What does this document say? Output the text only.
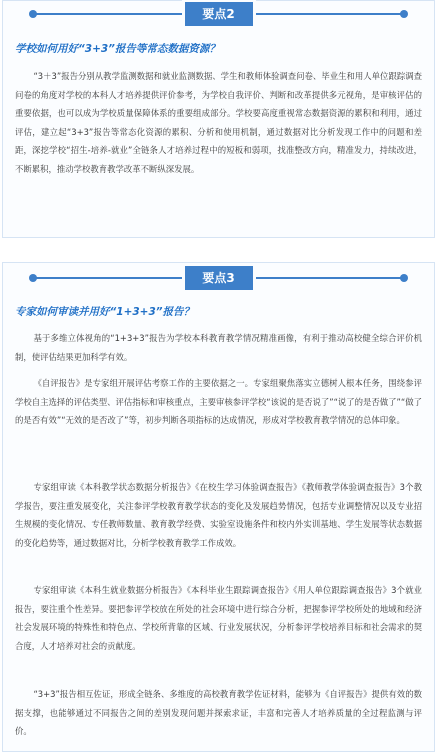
要点2
学校如何用好“3+3”报告等常态数据资源？

“3＋3”报告分别从教学监测数据和就业监测数据、学生和教师体验调查问卷、毕业生和用人单位跟踪调查问卷的角度对学校的本科人才培养提供评价参考，为学校自我评价、判断和改革提供多元视角，是审核评估的重要依据，也可以成为学校质量保障体系的重要组成部分。学校要高度重视常态数据资源的累积和利用，通过评估，建立起“3+3”报告等常态化资源的累积、分析和使用机制，通过数据对比分析发现工作中的问题和差距，深挖学校“招生-培养-就业”全链条人才培养过程中的短板和弱项，找准整改方向，精准发力，持续改进，不断累积，推动学校教育教学改革不断纵深发展。

要点3
专家如何审读并用好“1+3+3”报告？

基于多维立体视角的“1+3+3”报告为学校本科教育教学情况精准画像，有利于推动高校健全综合评价机制，使评估结果更加科学有效。

《自评报告》是专家组开展评估考察工作的主要依据之一。专家组聚焦落实立德树人根本任务，围绕参评学校自主选择的评估类型、评估指标和审核重点，主要审核参评学校“该说的是否说了”“说了的是否做了”“做了的是否有效”“无效的是否改了”等，初步判断各项指标的达成情况，形成对学校教育教学情况的总体印象。

专家组审读《本科教学状态数据分析报告》《在校生学习体验调查报告》《教师教学体验调查报告》3个教学报告，要注重发展变化，关注参评学校教育教学状态的变化及发展趋势情况，包括专业调整情况以及专业招生规模的变化情况、专任教师数量、教育教学经费、实验室设施条件和校内外实训基地、学生发展等状态数据的变化趋势等，通过数据对比，分析学校教育教学工作成效。

专家组审读《本科生就业数据分析报告》《本科毕业生跟踪调查报告》《用人单位跟踪调查报告》3个就业报告，要注重个性差异。要把参评学校放在所处的社会环境中进行综合分析，把握参评学校所处的地域和经济社会发展环境的特殊性和特色点、学校所背靠的区域、行业发展状况，分析参评学校培养目标和社会需求的契合度，人才培养对社会的贡献度。

“3+3”报告相互佐证，形成全链条、多维度的高校教育教学佐证材料，能够为《自评报告》提供有效的数据支撑，也能够通过不同报告之间的差别发现问题并探索求证，丰富和完善人才培养质量的全过程监测与评价。
